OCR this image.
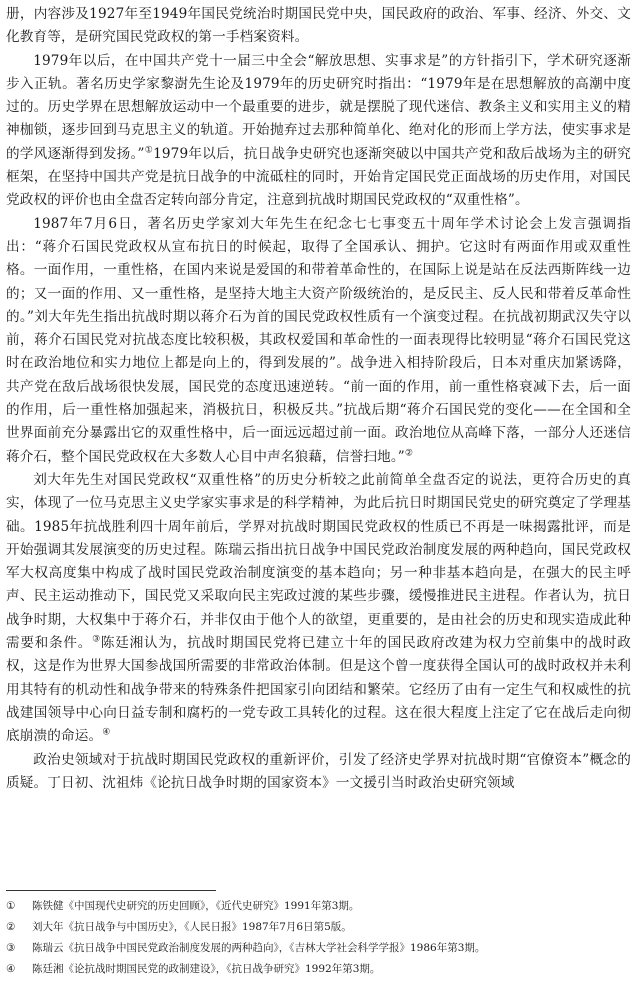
册，内容涉及1927年至1949年国民党统治时期国民党中央，国民政府的政治、军事、经济、外交、文化教育等，是研究国民党政权的第一手档案资料。

1979年以后，在中国共产党十一届三中全会“解放思想、实事求是”的方针指引下，学术研究逐渐步入正轨。著名历史学家黎澍先生论及1979年的历史研究时指出：“1979年是在思想解放的高潮中度过的。历史学界在思想解放运动中一个最重要的进步，就是摆脱了现代迷信、教条主义和实用主义的精神枷锁，逐步回到马克思主义的轨道。开始抛弃过去那种简单化、绝对化的形而上学方法，使实事求是的学风逐渐得到发扬。”①1979年以后，抗日战争史研究也逐渐突破以中国共产党和敌后战场为主的研究框架，在坚持中国共产党是抗日战争的中流砥柱的同时，开始肯定国民党正面战场的历史作用，对国民党政权的评价也由全盘否定转向部分肯定，注意到抗战时期国民党政权的“双重性格”。

1987年7月6日，著名历史学家刘大年先生在纪念七七事变五十周年学术讨论会上发言强调指出：“蒋介石国民党政权从宣布抗日的时候起，取得了全国承认、拥护。它这时有两面作用或双重性格。一面作用，一重性格，在国内来说是爱国的和带着革命性的，在国际上说是站在反法西斯阵线一边的；又一面的作用、又一重性格，是坚持大地主大资产阶级统治的，是反民主、反人民和带着反革命性的。”刘大年先生指出抗战时期以蒋介石为首的国民党政权性质有一个演变过程。在抗战初期武汉失守以前，蒋介石国民党对抗战态度比较积极，其政权爱国和革命性的一面表现得比较明显“蒋介石国民党这时在政治地位和实力地位上都是向上的，得到发展的”。战争进入相持阶段后，日本对重庆加紧诱降，共产党在敌后战场很快发展，国民党的态度迅速逆转。“前一面的作用，前一重性格衰减下去，后一面的作用，后一重性格加强起来，消极抗日，积极反共。”抗战后期“蒋介石国民党的变化——在全国和全世界面前充分暴露出它的双重性格中，后一面远远超过前一面。政治地位从高峰下落，一部分人还迷信蒋介石，整个国民党政权在大多数人心目中声名狼藉，信誉扫地。”②

刘大年先生对国民党政权“双重性格”的历史分析较之此前简单全盘否定的说法，更符合历史的真实，体现了一位马克思主义史学家实事求是的科学精神，为此后抗日时期国民党史的研究奠定了学理基础。1985年抗战胜利四十周年前后，学界对抗战时期国民党政权的性质已不再是一味揭露批评，而是开始强调其发展演变的历史过程。陈瑞云指出抗日战争中国民党政治制度发展的两种趋向，国民党政权军大权高度集中构成了战时国民党政治制度演变的基本趋向；另一种非基本趋向是，在强大的民主呼声、民主运动推动下，国民党又采取向民主宪政过渡的某些步骤，缓慢推进民主进程。作者认为，抗日战争时期，大权集中于蒋介石，并非仅由于他个人的欲望，更重要的，是由社会的历史和现实造成此种需要和条件。③陈廷湘认为，抗战时期国民党将已建立十年的国民政府改建为权力空前集中的战时政权，这是作为世界大国参战国所需要的非常政治体制。但是这个曾一度获得全国认可的战时政权并未利用其特有的机动性和战争带来的特殊条件把国家引向团结和繁荣。它经历了由有一定生气和权威性的抗战建国领导中心向日益专制和腐朽的一党专政工具转化的过程。这在很大程度上注定了它在战后走向彻底崩溃的命运。④

政治史领域对于抗战时期国民党政权的重新评价，引发了经济史学界对抗战时期“官僚资本”概念的质疑。丁日初、沈祖炜《论抗日战争时期的国家资本》一文援引当时政治史研究领域

①	陈铁健《中国现代史研究的历史回顾》，《近代史研究》1991年第3期。
②	刘大年《抗日战争与中国历史》，《人民日报》1987年7月6日第5版。
③	陈瑞云《抗日战争中国民党政治制度发展的两种趋向》，《吉林大学社会科学学报》1986年第3期。
④	陈廷湘《论抗战时期国民党的政制建设》，《抗日战争研究》1992年第3期。
